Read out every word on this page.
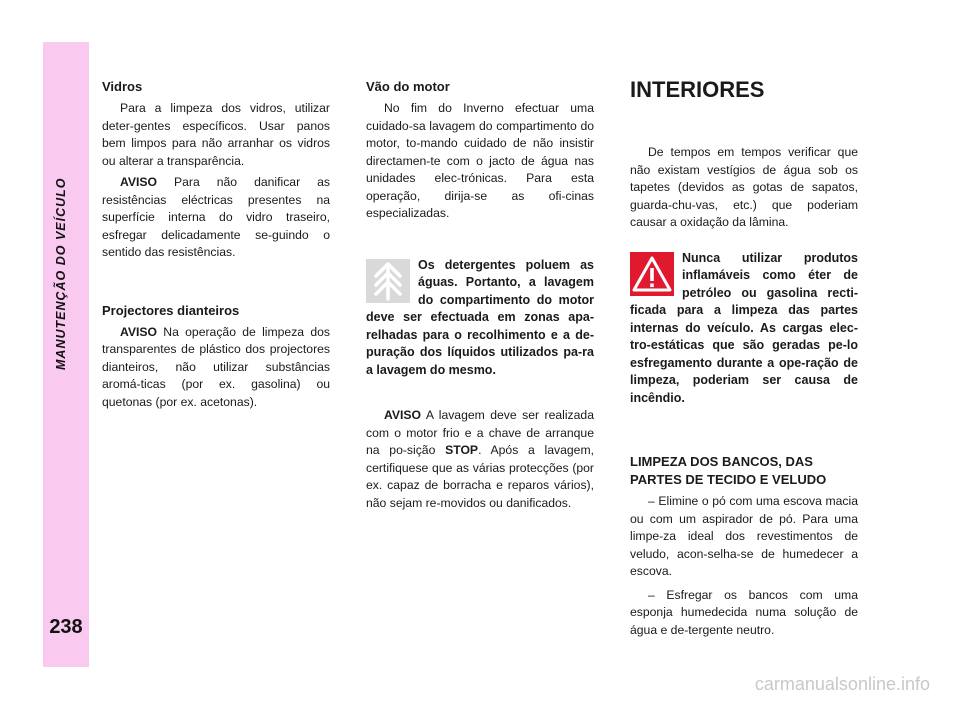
MANUTENÇÃO DO VEÍCULO
238
Vidros

Para a limpeza dos vidros, utilizar deter-gentes específicos. Usar panos bem limpos para não arranhar os vidros ou alterar a transparência.

AVISO Para não danificar as resistências eléctricas presentes na superfície interna do vidro traseiro, esfregar delicadamente se-guindo o sentido das resistências.

Projectores dianteiros

AVISO Na operação de limpeza dos transparentes de plástico dos projectores dianteiros, não utilizar substâncias aromá-ticas (por ex. gasolina) ou quetonas (por ex. acetonas).

Vão do motor

No fim do Inverno efectuar uma cuidado-sa lavagem do compartimento do motor, to-mando cuidado de não insistir directamen-te com o jacto de água nas unidades elec-trónicas. Para esta operação, dirija-se as ofi-cinas especializadas.

Os detergentes poluem as águas. Portanto, a lavagem do compartimento do motor deve ser efectuada em zonas apa-relhadas para o recolhimento e a de-puração dos líquidos utilizados pa-ra a lavagem do mesmo.

AVISO A lavagem deve ser realizada com o motor frio e a chave de arranque na po-sição STOP. Após a lavagem, certifiquese que as várias protecções (por ex. capaz de borracha e reparos vários), não sejam re-movidos ou danificados.

INTERIORES

De tempos em tempos verificar que não existam vestígios de água sob os tapetes (devidos as gotas de sapatos, guarda-chu-vas, etc.) que poderiam causar a oxidação da lâmina.

Nunca utilizar produtos inflamáveis como éter de petróleo ou gasolina recti-ficada para a limpeza das partes internas do veículo. As cargas elec-tro-estáticas que são geradas pe-lo esfregamento durante a ope-ração de limpeza, poderiam ser causa de incêndio.

LIMPEZA DOS BANCOS, DAS PARTES DE TECIDO E VELUDO

– Elimine o pó com uma escova macia ou com um aspirador de pó. Para uma limpe-za ideal dos revestimentos de veludo, acon-selha-se de humedecer a escova.

– Esfregar os bancos com uma esponja humedecida numa solução de água e de-tergente neutro.

carmanualsonline.info
